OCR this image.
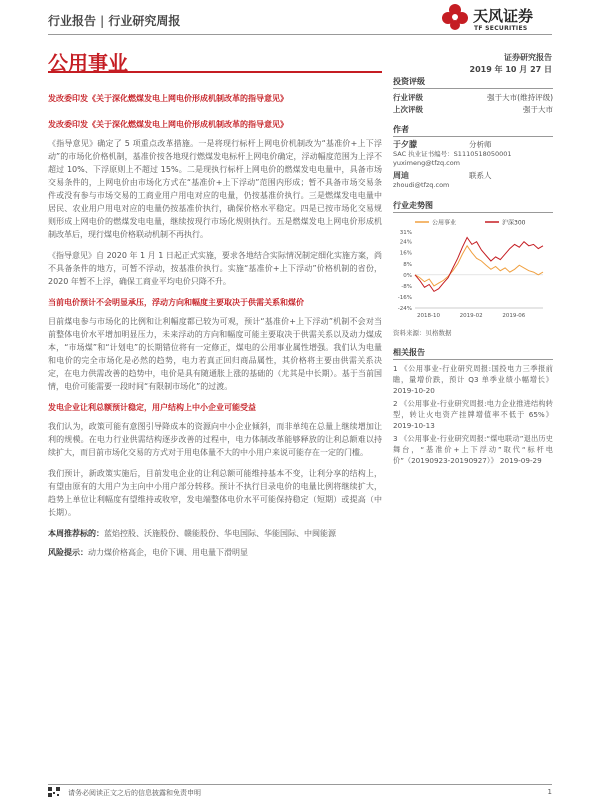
行业报告 | 行业研究周报	天风证券
TF SECURITIES
公用事业	证券研究报告
2019 年 10 月 27 日
发改委印发《关于深化燃煤发电上网电价形成机制改革的指导意见》
发改委印发《关于深化燃煤发电上网电价形成机制改革的指导意见》

《指导意见》确定了 5 项重点改革措施。一是将现行标杆上网电价机制改为“基准价+上下浮动”的市场化价格机制，基准价按各地现行燃煤发电标杆上网电价确定，浮动幅度范围为上浮不超过 10%、下浮原则上不超过 15%。二是现执行标杆上网电价的燃煤发电电量中，具备市场交易条件的，上网电价由市场化方式在“基准价+上下浮动”范围内形成；暂不具备市场交易条件或没有参与市场交易的工商业用户用电对应的电量，仍按基准价执行。三是燃煤发电电量中居民、农业用户用电对应的电量仍按基准价执行，确保价格水平稳定。四是已按市场化交易规则形成上网电价的燃煤发电电量，继续按现行市场化规则执行。五是燃煤发电上网电价形成机制改革后，现行煤电价格联动机制不再执行。

《指导意见》自 2020 年 1 月 1 日起正式实施，要求各地结合实际情况制定细化实施方案，尚不具备条件的地方，可暂不浮动，按基准价执行。实施“基准价+上下浮动”价格机制的省份，2020 年暂不上浮，确保工商业平均电价只降不升。

当前电价预计不会明显承压，浮动方向和幅度主要取决于供需关系和煤价

目前煤电参与市场化的比例和让利幅度都已较为可观，预计“基准价+上下浮动”机制不会对当前整体电价水平增加明显压力，未来浮动的方向和幅度可能主要取决于供需关系以及动力煤成本，“市场煤”和“计划电”的长期错位将有一定修正，煤电的公用事业属性增强。我们认为电量和电价的完全市场化是必然的趋势，电力若真正回归商品属性，其价格将主要由供需关系决定，在电力供需改善的趋势中，电价是具有随通胀上涨的基础的（尤其是中长期）。基于当前国情，电价可能需要一段时间“有限制市场化”的过渡。

发电企业让利总额预计稳定，用户结构上中小企业可能受益

我们认为，政策可能有意图引导降成本的资源向中小企业倾斜，而非单纯在总量上继续增加让利的规模。在电力行业供需结构逐步改善的过程中，电力体制改革能够释放的让利总额难以持续扩大，而目前市场化交易的方式对于用电体量不大的中小用户来说可能存在一定的门槛。

我们预计，新政策实施后，目前发电企业的让利总额可能维持基本不变，让利分享的结构上，有望由原有的大用户为主向中小用户部分转移。预计不执行目录电价的电量比例将继续扩大，趋势上单位让利幅度有望维持或收窄，发电端整体电价水平可能保持稳定（短期）或提高（中长期）。

本周推荐标的：蓝焰控股、沃施股份、赣能股份、华电国际、华能国际、中闽能源

风险提示：动力煤价格高企，电价下调、用电量下滑明显

投资评级
行业评级	强于大市(维持评级)
上次评级	强于大市
作者
于夕朦	分析师
SAC 执业证书编号：S1110518050001
yuximeng@tfzq.com
周迪	联系人
zhoudi@tfzq.com
行业走势图
公用事业	沪深300
31%
24%
16%
8%
0%
-8%
-16%
-24%
2018-10	2019-02	2019-06
资料来源：贝格数据
相关报告
1 《公用事业-行业研究周报:国投电力三季报前瞻，量增价跌，预计 Q3 单季业绩小幅增长》 2019-10-20
2 《公用事业-行业研究周报:电力企业推进结构转型，转让火电资产挂牌增值率不低于 65%》 2019-10-13
3 《公用事业-行业研究周报:“煤电联动”退出历史舞台，“基准价+上下浮动”取代“标杆电价”（20190923-20190927）》 2019-09-29
请务必阅读正文之后的信息披露和免责申明	1
